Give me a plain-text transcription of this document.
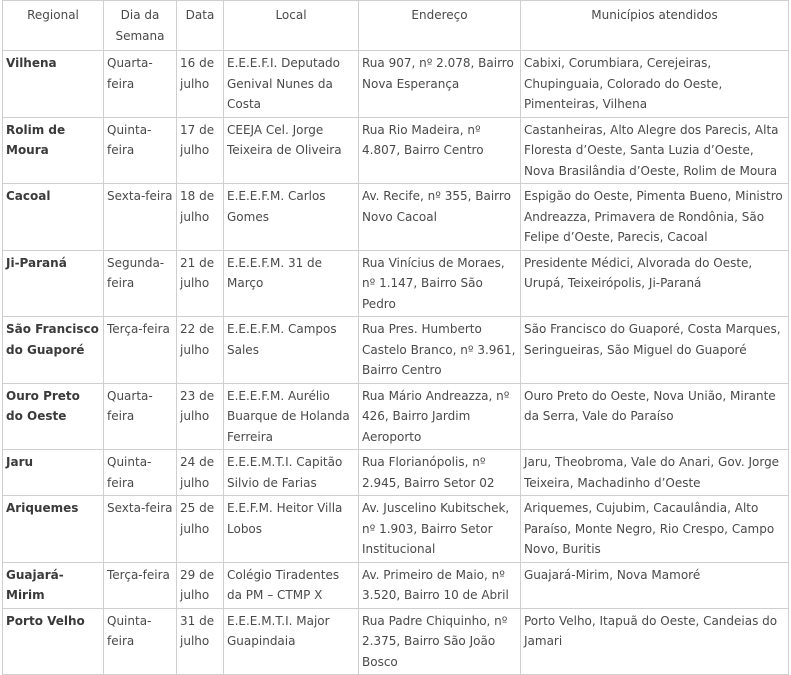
Regional	Dia da Semana	Data	Local	Endereço	Municípios atendidos
Vilhena	Quarta-feira	16 de julho	E.E.E.F.I. Deputado Genival Nunes da Costa	Rua 907, nº 2.078, Bairro Nova Esperança	Cabixi, Corumbiara, Cerejeiras, Chupinguaia, Colorado do Oeste, Pimenteiras, Vilhena
Rolim de Moura	Quinta-feira	17 de julho	CEEJA Cel. Jorge Teixeira de Oliveira	Rua Rio Madeira, nº 4.807, Bairro Centro	Castanheiras, Alto Alegre dos Parecis, Alta Floresta d’Oeste, Santa Luzia d’Oeste, Nova Brasilândia d’Oeste, Rolim de Moura
Cacoal	Sexta-feira	18 de julho	E.E.E.F.M. Carlos Gomes	Av. Recife, nº 355, Bairro Novo Cacoal	Espigão do Oeste, Pimenta Bueno, Ministro Andreazza, Primavera de Rondônia, São Felipe d’Oeste, Parecis, Cacoal
Ji-Paraná	Segunda-feira	21 de julho	E.E.E.F.M. 31 de Março	Rua Vinícius de Moraes, nº 1.147, Bairro São Pedro	Presidente Médici, Alvorada do Oeste, Urupá, Teixeirópolis, Ji-Paraná
São Francisco do Guaporé	Terça-feira	22 de julho	E.E.E.F.M. Campos Sales	Rua Pres. Humberto Castelo Branco, nº 3.961, Bairro Centro	São Francisco do Guaporé, Costa Marques, Seringueiras, São Miguel do Guaporé
Ouro Preto do Oeste	Quarta-feira	23 de julho	E.E.E.F.M. Aurélio Buarque de Holanda Ferreira	Rua Mário Andreazza, nº 426, Bairro Jardim Aeroporto	Ouro Preto do Oeste, Nova União, Mirante da Serra, Vale do Paraíso
Jaru	Quinta-feira	24 de julho	E.E.E.M.T.I. Capitão Silvio de Farias	Rua Florianópolis, nº 2.945, Bairro Setor 02	Jaru, Theobroma, Vale do Anari, Gov. Jorge Teixeira, Machadinho d’Oeste
Ariquemes	Sexta-feira	25 de julho	E.E.F.M. Heitor Villa Lobos	Av. Juscelino Kubitschek, nº 1.903, Bairro Setor Institucional	Ariquemes, Cujubim, Cacaulândia, Alto Paraíso, Monte Negro, Rio Crespo, Campo Novo, Buritis
Guajará-Mirim	Terça-feira	29 de julho	Colégio Tiradentes da PM – CTMP X	Av. Primeiro de Maio, nº 3.520, Bairro 10 de Abril	Guajará-Mirim, Nova Mamoré
Porto Velho	Quinta-feira	31 de julho	E.E.E.M.T.I. Major Guapindaia	Rua Padre Chiquinho, nº 2.375, Bairro São João Bosco	Porto Velho, Itapuã do Oeste, Candeias do Jamari
